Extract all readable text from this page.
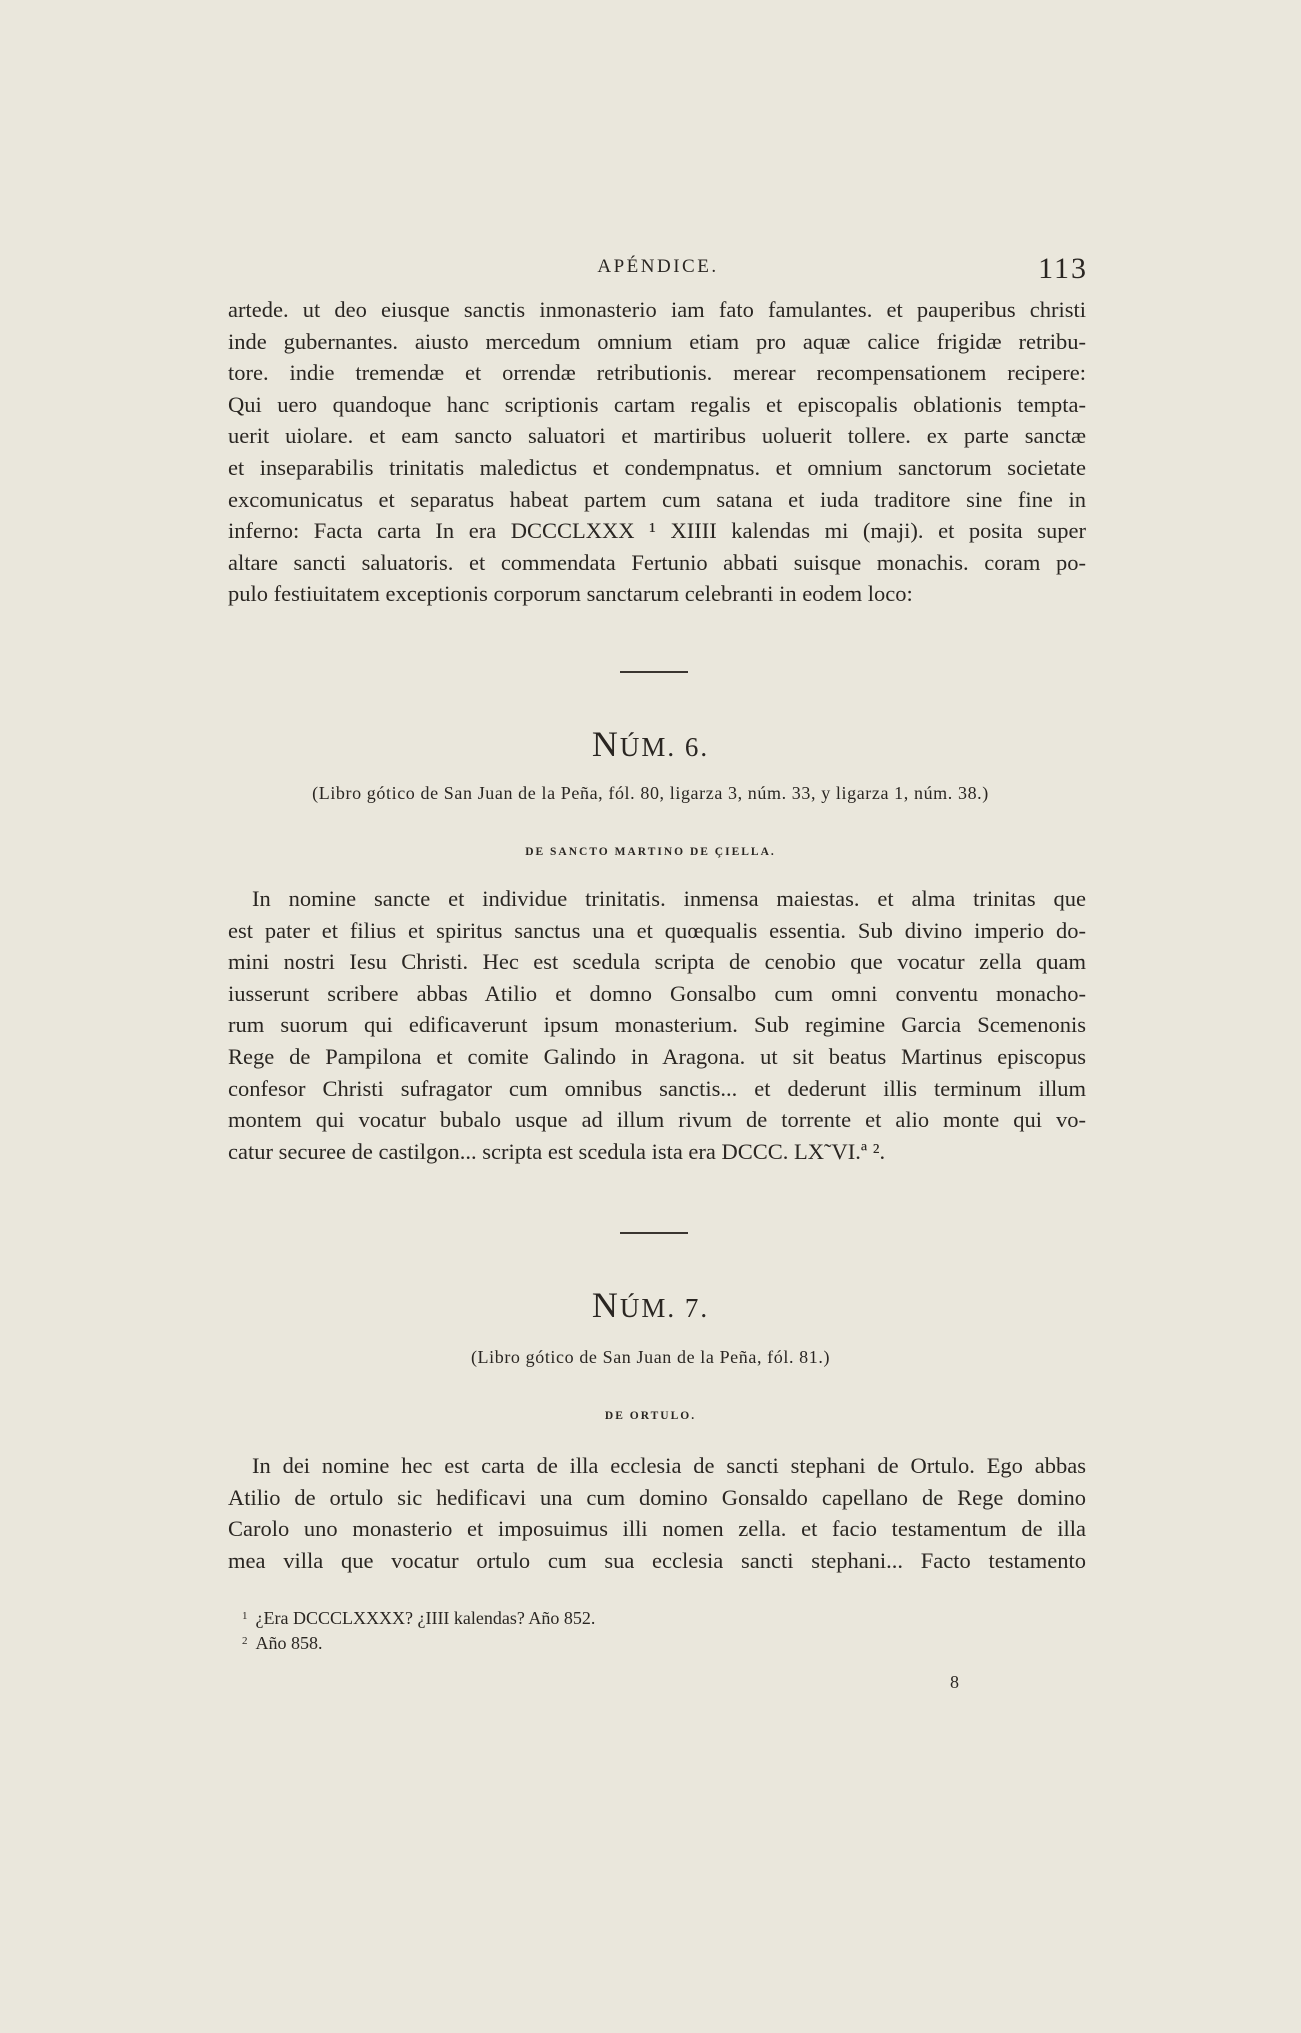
APÉNDICE.	113
artede. ut deo eiusque sanctis inmonasterio iam fato famulantes. et pauperibus christi
inde gubernantes. aiusto mercedum omnium etiam pro aquæ calice frigidæ retribu-
tore. indie tremendæ et orrendæ retributionis. merear recompensationem recipere:
Qui uero quandoque hanc scriptionis cartam regalis et episcopalis oblationis tempta-
uerit uiolare. et eam sancto saluatori et martiribus uoluerit tollere. ex parte sanctæ
et inseparabilis trinitatis maledictus et condempnatus. et omnium sanctorum societate
excomunicatus et separatus habeat partem cum satana et iuda traditore sine fine in
inferno: Facta carta In era DCCCLXXX ¹ XIIII kalendas mi (maji). et posita super
altare sancti saluatoris. et commendata Fertunio abbati suisque monachis. coram po-
pulo festiuitatem exceptionis corporum sanctarum celebranti in eodem loco:
NÚM. 6.
(Libro gótico de San Juan de la Peña, fól. 80, ligarza 3, núm. 33, y ligarza 1, núm. 38.)
DE SANCTO MARTINO DE ÇIELLA.
In nomine sancte et individue trinitatis. inmensa maiestas. et alma trinitas que
est pater et filius et spiritus sanctus una et quœqualis essentia. Sub divino imperio do-
mini nostri Iesu Christi. Hec est scedula scripta de cenobio que vocatur zella quam
iusserunt scribere abbas Atilio et domno Gonsalbo cum omni conventu monacho-
rum suorum qui edificaverunt ipsum monasterium. Sub regimine Garcia Scemenonis
Rege de Pampilona et comite Galindo in Aragona. ut sit beatus Martinus episcopus
confesor Christi sufragator cum omnibus sanctis... et dederunt illis terminum illum
montem qui vocatur bubalo usque ad illum rivum de torrente et alio monte qui vo-
catur securee de castilgon... scripta est scedula ista era DCCC. LX˜VI.ª ².
NÚM. 7.
(Libro gótico de San Juan de la Peña, fól. 81.)
DE ORTULO.
In dei nomine hec est carta de illa ecclesia de sancti stephani de Ortulo. Ego abbas
Atilio de ortulo sic hedificavi una cum domino Gonsaldo capellano de Rege domino
Carolo uno monasterio et imposuimus illi nomen zella. et facio testamentum de illa
mea villa que vocatur ortulo cum sua ecclesia sancti stephani... Facto testamento
$^1$ ¿Era DCCCLXXXX? ¿IIII kalendas? Año 852.
$^2$ Año 858.
8
